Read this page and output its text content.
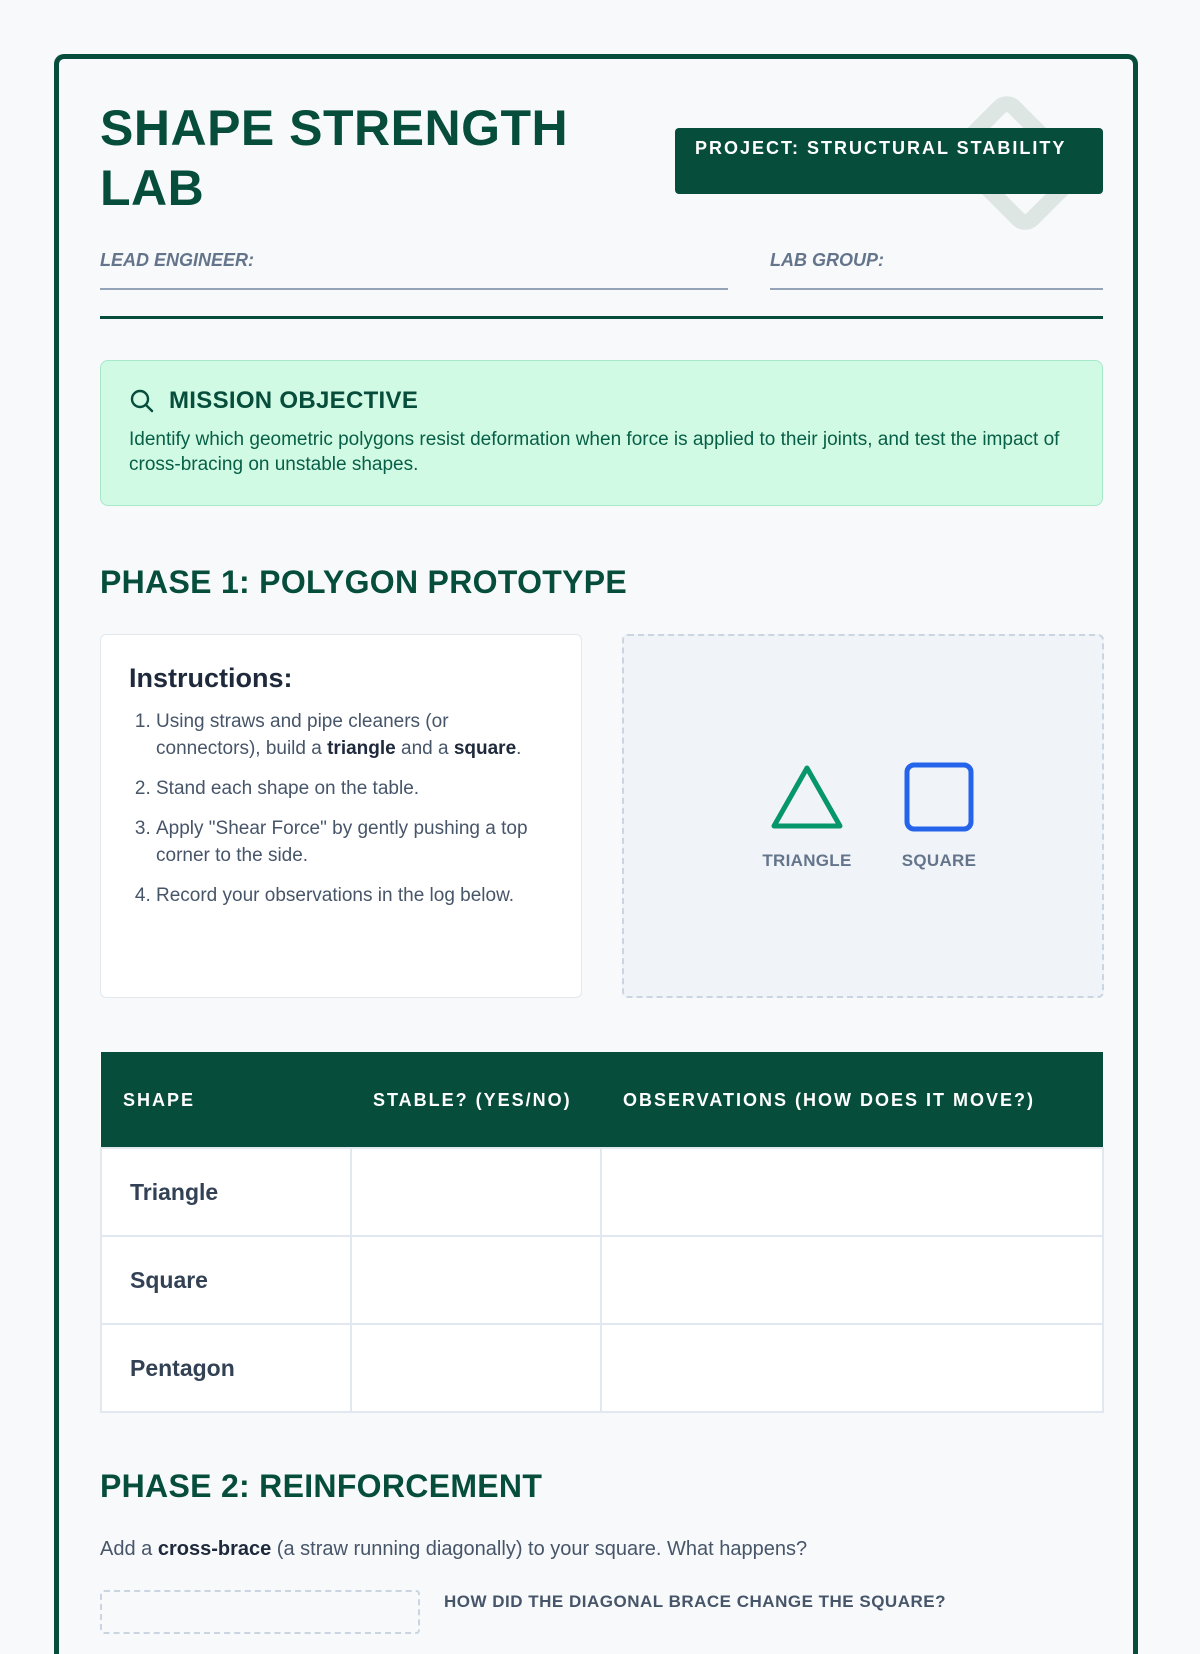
SHAPE STRENGTH LAB
PROJECT: STRUCTURAL STABILITY
LEAD ENGINEER:	LAB GROUP:
MISSION OBJECTIVE
Identify which geometric polygons resist deformation when force is applied to their joints, and test the impact of cross-bracing on unstable shapes.
PHASE 1: POLYGON PROTOTYPE
Instructions:
1. Using straws and pipe cleaners (or connectors), build a triangle and a square.
2. Stand each shape on the table.
3. Apply "Shear Force" by gently pushing a top corner to the side.
4. Record your observations in the log below.
TRIANGLE	SQUARE
SHAPE	STABLE? (YES/NO)	OBSERVATIONS (HOW DOES IT MOVE?)
Triangle		
Square		
Pentagon		
PHASE 2: REINFORCEMENT
Add a cross-brace (a straw running diagonally) to your square. What happens?
HOW DID THE DIAGONAL BRACE CHANGE THE SQUARE?
